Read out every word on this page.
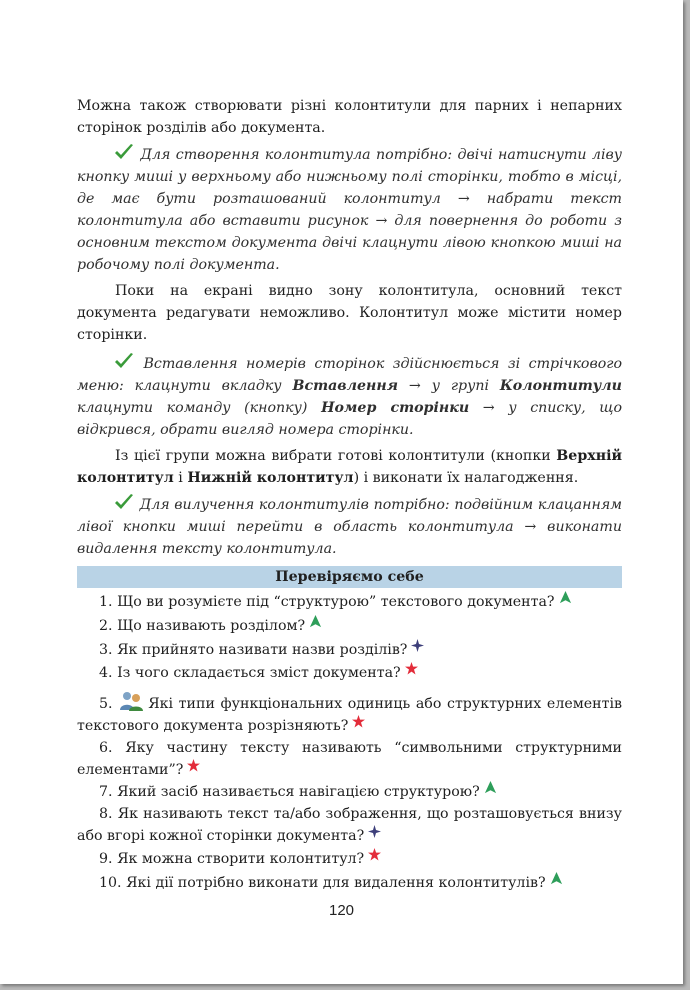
Можна також створювати різні колонтитули для парних і непарних сторінок розділів або документа.

Для створення колонтитула потрібно: двічі натиснути ліву кнопку миші у верхньому або нижньому полі сторінки, тобто в місці, де має бути розташований колонтитул → набрати текст колонтитула або вставити рисунок → для повернення до роботи з основним текстом документа двічі клацнути лівою кнопкою миші на робочому полі документа.

Поки на екрані видно зону колонтитула, основний текст документа редагувати неможливо. Колонтитул може містити номер сторінки.

Вставлення номерів сторінок здійснюється зі стрічкового меню: клацнути вкладку Вставлення → у групі Колонтитули клацнути команду (кнопку) Номер сторінки → у списку, що відкрився, обрати вигляд номера сторінки.

Із цієї групи можна вибрати готові колонтитули (кнопки Верхній колонтитул і Нижній колонтитул) і виконати їх налагодження.

Для вилучення колонтитулів потрібно: подвійним клацанням лівої кнопки миші перейти в область колонтитула → виконати видалення тексту колонтитула.

Перевіряємо себе

1. Що ви розумієте під “структурою” текстового документа?

2. Що називають розділом?

3. Як прийнято називати назви розділів?

4. Із чого складається зміст документа?

5.	Які типи функціональних одиниць або структурних елементів текстового документа розрізняють?

6. Яку частину тексту називають “символьними структурними елементами”?

7. Який засіб називається навігацією структурою?

8. Як називають текст та/або зображення, що розташовується внизу або вгорі кожної сторінки документа?

9. Як можна створити колонтитул?

10. Які дії потрібно виконати для видалення колонтитулів?

120
